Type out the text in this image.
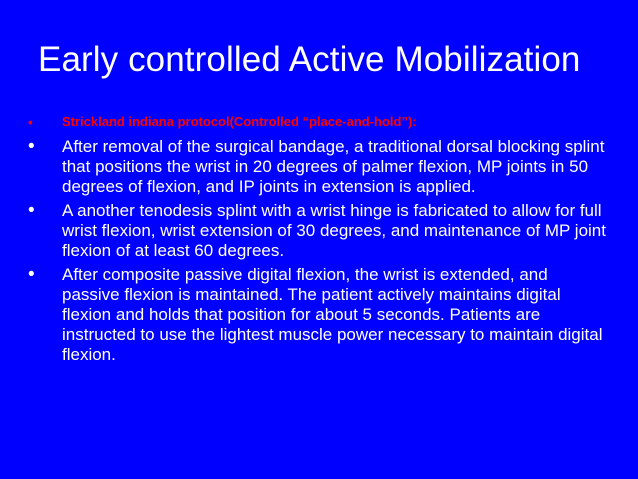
Early controlled Active Mobilization
• Strickland indiana protocol(Controlled “place-and-hold”):
• After removal of the surgical bandage, a traditional dorsal blocking splint that positions the wrist in 20 degrees of palmer flexion, MP joints in 50 degrees of flexion, and IP joints in extension is applied.
• A another tenodesis splint with a wrist hinge is fabricated to allow for full wrist flexion, wrist extension of 30 degrees, and maintenance of MP joint flexion of at least 60 degrees.
• After composite passive digital flexion, the wrist is extended, and passive flexion is maintained. The patient actively maintains digital flexion and holds that position for about 5 seconds. Patients are instructed to use the lightest muscle power necessary to maintain digital flexion.
